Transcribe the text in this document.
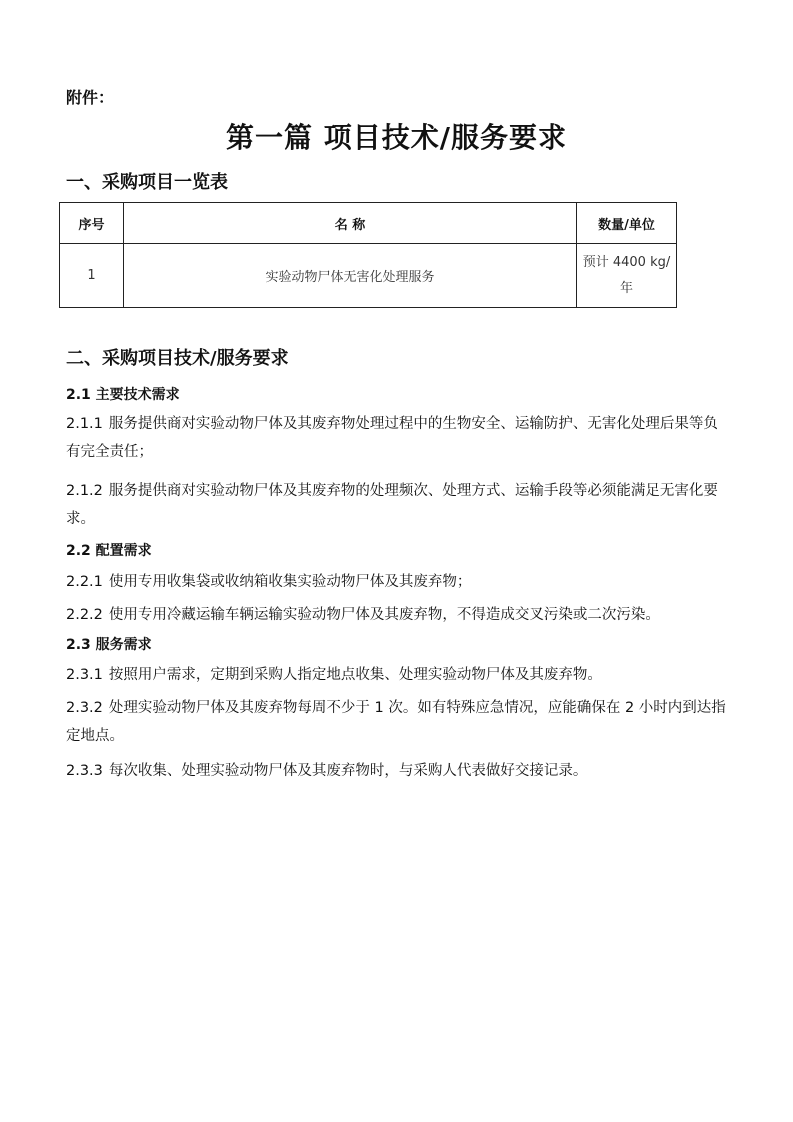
附件：
第一篇 项目技术/服务要求
一、采购项目一览表
序号	名 称	数量/单位
1	实验动物尸体无害化处理服务	预计 4400 kg/
年
二、采购项目技术/服务要求
2.1 主要技术需求
2.1.1 服务提供商对实验动物尸体及其废弃物处理过程中的生物安全、运输防护、无害化处理后果等负有完全责任；
2.1.2 服务提供商对实验动物尸体及其废弃物的处理频次、处理方式、运输手段等必须能满足无害化要求。
2.2 配置需求
2.2.1 使用专用收集袋或收纳箱收集实验动物尸体及其废弃物；
2.2.2 使用专用冷藏运输车辆运输实验动物尸体及其废弃物，不得造成交叉污染或二次污染。
2.3 服务需求
2.3.1 按照用户需求，定期到采购人指定地点收集、处理实验动物尸体及其废弃物。
2.3.2 处理实验动物尸体及其废弃物每周不少于 1 次。如有特殊应急情况，应能确保在 2 小时内到达指定地点。
2.3.3 每次收集、处理实验动物尸体及其废弃物时，与采购人代表做好交接记录。
